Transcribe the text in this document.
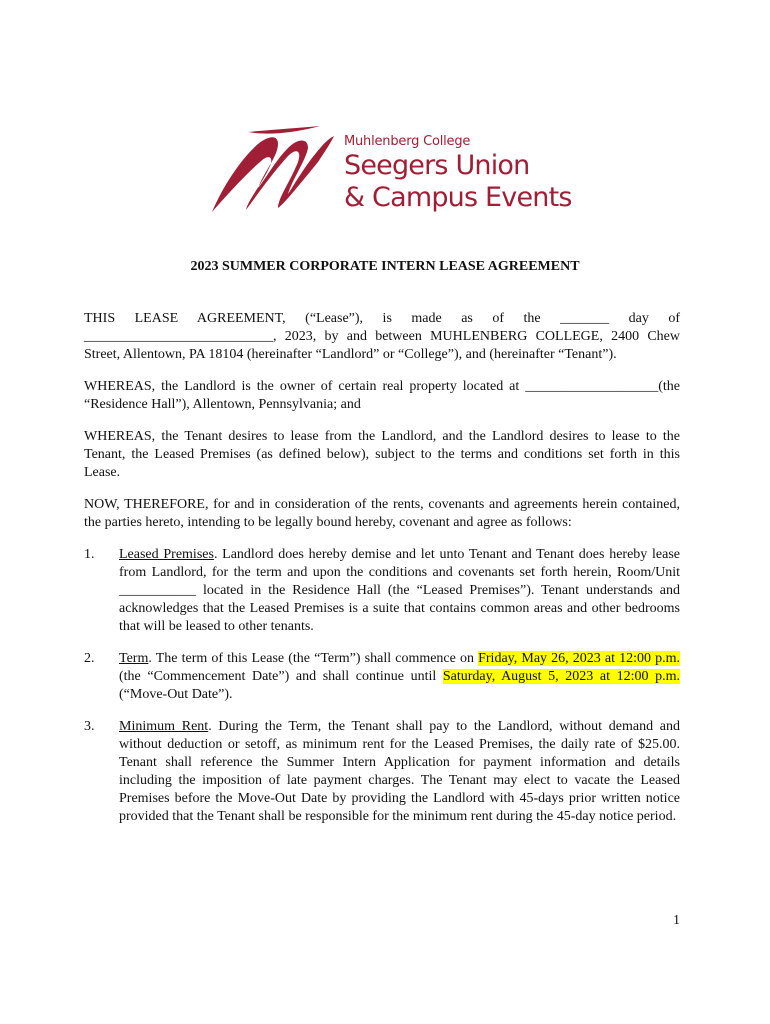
Muhlenberg College
Seegers Union
& Campus Events
2023 SUMMER CORPORATE INTERN LEASE AGREEMENT

THIS LEASE AGREEMENT, (“Lease”), is made as of the _______ day of ___________________________, 2023, by and between MUHLENBERG COLLEGE, 2400 Chew Street, Allentown, PA 18104 (hereinafter “Landlord” or “College”), and (hereinafter “Tenant”).

WHEREAS, the Landlord is the owner of certain real property located at ___________________(the “Residence Hall”), Allentown, Pennsylvania; and

WHEREAS, the Tenant desires to lease from the Landlord, and the Landlord desires to lease to the Tenant, the Leased Premises (as defined below), subject to the terms and conditions set forth in this Lease.

NOW, THEREFORE, for and in consideration of the rents, covenants and agreements herein contained, the parties hereto, intending to be legally bound hereby, covenant and agree as follows:

1. Leased Premises. Landlord does hereby demise and let unto Tenant and Tenant does hereby lease from Landlord, for the term and upon the conditions and covenants set forth herein, Room/Unit ___________ located in the Residence Hall (the “Leased Premises”). Tenant understands and acknowledges that the Leased Premises is a suite that contains common areas and other bedrooms that will be leased to other tenants.
2. Term. The term of this Lease (the “Term”) shall commence on Friday, May 26, 2023 at 12:00 p.m. (the “Commencement Date”) and shall continue until Saturday, August 5, 2023 at 12:00 p.m. (“Move-Out Date”).
3. Minimum Rent. During the Term, the Tenant shall pay to the Landlord, without demand and without deduction or setoff, as minimum rent for the Leased Premises, the daily rate of $25.00. Tenant shall reference the Summer Intern Application for payment information and details including the imposition of late payment charges. The Tenant may elect to vacate the Leased Premises before the Move-Out Date by providing the Landlord with 45-days prior written notice provided that the Tenant shall be responsible for the minimum rent during the 45-day notice period.
1
